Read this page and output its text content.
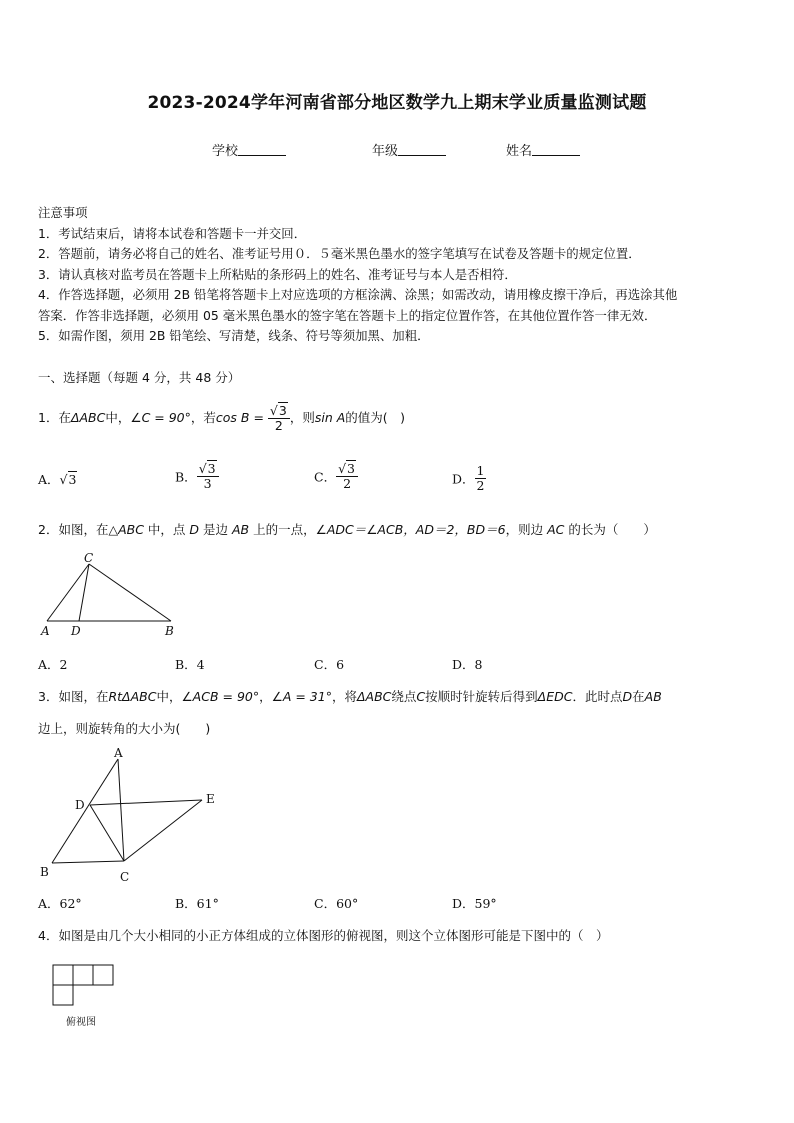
2023-2024学年河南省部分地区数学九上期末学业质量监测试题
学校	年级	姓名
注意事项
1．考试结束后，请将本试卷和答题卡一并交回．
2．答题前，请务必将自己的姓名、准考证号用０．５毫米黑色墨水的签字笔填写在试卷及答题卡的规定位置．
3．请认真核对监考员在答题卡上所粘贴的条形码上的姓名、准考证号与本人是否相符．
4．作答选择题，必须用 2B 铅笔将答题卡上对应选项的方框涂满、涂黑；如需改动，请用橡皮擦干净后，再选涂其他
答案．作答非选择题，必须用 05 毫米黑色墨水的签字笔在答题卡上的指定位置作答，在其他位置作答一律无效．
5．如需作图，须用 2B 铅笔绘、写清楚，线条、符号等须加黑、加粗．
一、选择题（每题 4 分，共 48 分）
1．在ΔABC中，∠C = 90°，若$\cos B = \frac{√3}{2}$ ，则sin A的值为(　)
A．√3	B． $\frac{√3}{3}$	C． $\frac{√3}{2}$	D． $\frac{1}{2}$
2．如图，在△ABC 中，点 D 是边 AB 上的一点，∠ADC＝∠ACB，AD＝2，BD＝6，则边 AC 的长为（　　）
C
A D	B
A．2	B．4	C．6	D．8
3．如图，在RtΔABC中，∠ACB = 90°，∠A = 31°，将ΔABC绕点C按顺时针旋转后得到ΔEDC．此时点D在AB
边上，则旋转角的大小为(　　)
A
D	E
B	C
A．62°	B．61°	C．60°	D．59°
4．如图是由几个大小相同的小正方体组成的立体图形的俯视图，则这个立体图形可能是下图中的（　）
俯视图
